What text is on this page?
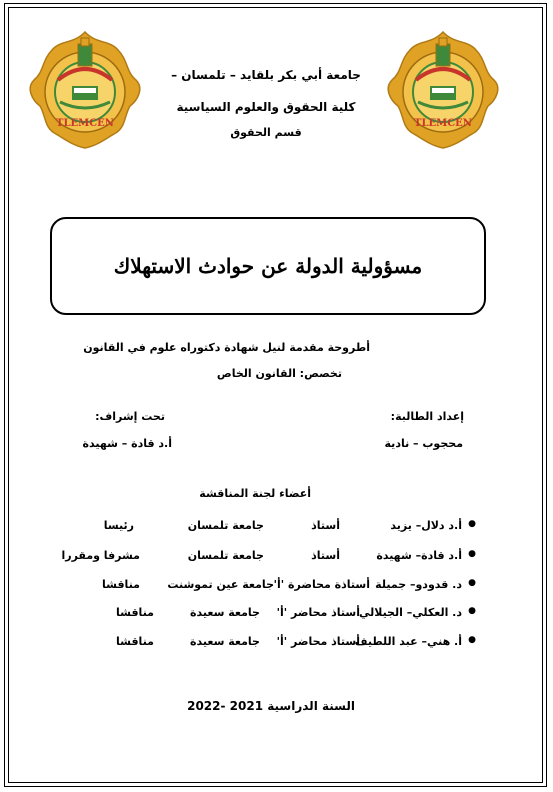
TLEMCEN	TLEMCEN
جامعة أبي بكر بلقايد – تلمسان –
كلية الحقوق والعلوم السياسية
قسم الحقوق
مسؤولية الدولة عن حوادث الاستهلاك
أطروحة مقدمة لنيل شهادة دكتوراه علوم في القانون
تخصص: القانون الخاص
إعداد الطالبة:
تحت إشراف:
محجوب – نادية
أ.د قادة – شهيدة
أعضاء لجنة المناقشة
●
أ.د دلال– يزيد
أستاذ
جامعة تلمسان
رئيسا
●
أ.د قادة– شهيدة
أستاذ
جامعة تلمسان
مشرفا ومقررا
●
د. قدودو– جميلة
أستاذة محاضرة 'أ'
جامعة عين تموشنت
مناقشا
●
د. العكلي– الجيلالي
أستاذ محاضر 'أ'
جامعة سعيدة
مناقشا
●
أ. هني– عبد اللطيف
أستاذ محاضر 'أ'
جامعة سعيدة
مناقشا
السنة الدراسية 2021 -2022
